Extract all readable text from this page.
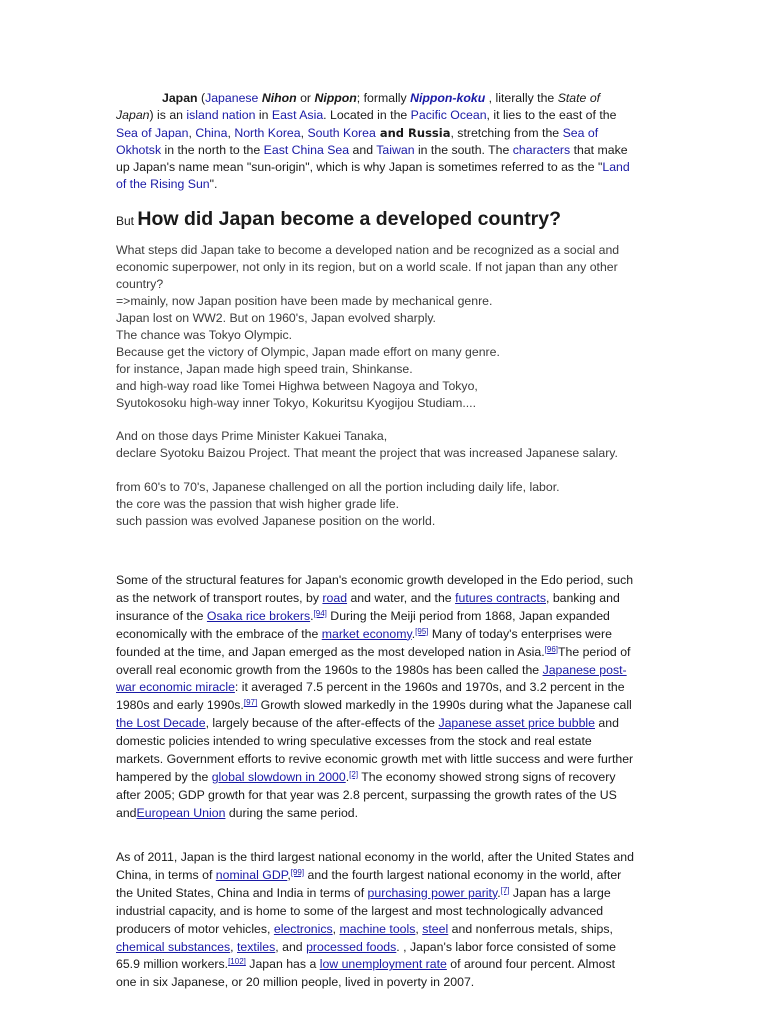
Japan (Japanese Nihon or Nippon; formally Nippon-koku , literally the State of Japan) is an island nation in East Asia. Located in the Pacific Ocean, it lies to the east of the Sea of Japan, China, North Korea, South Korea and Russia, stretching from the Sea of Okhotsk in the north to the East China Sea and Taiwan in the south. The characters that make up Japan's name mean "sun-origin", which is why Japan is sometimes referred to as the "Land of the Rising Sun".
But How did Japan become a developed country?
What steps did Japan take to become a developed nation and be recognized as a social and
economic superpower, not only in its region, but on a world scale. If not japan than any other
country?
=>mainly, now Japan position have been made by mechanical genre.
Japan lost on WW2. But on 1960's, Japan evolved sharply.
The chance was Tokyo Olympic.
Because get the victory of Olympic, Japan made effort on many genre.
for instance, Japan made high speed train, Shinkanse.
and high-way road like Tomei Highwa between Nagoya and Tokyo,
Syutokosoku high-way inner Tokyo, Kokuritsu Kyogijou Studiam....
And on those days Prime Minister Kakuei Tanaka,
declare Syotoku Baizou Project. That meant the project that was increased Japanese salary.
from 60's to 70's, Japanese challenged on all the portion including daily life, labor.
the core was the passion that wish higher grade life.
such passion was evolved Japanese position on the world.
Some of the structural features for Japan's economic growth developed in the Edo period, such as the network of transport routes, by road and water, and the futures contracts, banking and insurance of the Osaka rice brokers.[94] During the Meiji period from 1868, Japan expanded economically with the embrace of the market economy.[95] Many of today's enterprises were founded at the time, and Japan emerged as the most developed nation in Asia.[96]The period of overall real economic growth from the 1960s to the 1980s has been called the Japanese post-war economic miracle: it averaged 7.5 percent in the 1960s and 1970s, and 3.2 percent in the 1980s and early 1990s.[97] Growth slowed markedly in the 1990s during what the Japanese call the Lost Decade, largely because of the after-effects of the Japanese asset price bubble and domestic policies intended to wring speculative excesses from the stock and real estate markets. Government efforts to revive economic growth met with little success and were further hampered by the global slowdown in 2000.[2] The economy showed strong signs of recovery after 2005; GDP growth for that year was 2.8 percent, surpassing the growth rates of the US andEuropean Union during the same period.
As of 2011, Japan is the third largest national economy in the world, after the United States and China, in terms of nominal GDP,[99] and the fourth largest national economy in the world, after the United States, China and India in terms of purchasing power parity.[7] Japan has a large industrial capacity, and is home to some of the largest and most technologically advanced producers of motor vehicles, electronics, machine tools, steel and nonferrous metals, ships, chemical substances, textiles, and processed foods. , Japan's labor force consisted of some 65.9 million workers.[102] Japan has a low unemployment rate of around four percent. Almost one in six Japanese, or 20 million people, lived in poverty in 2007.
